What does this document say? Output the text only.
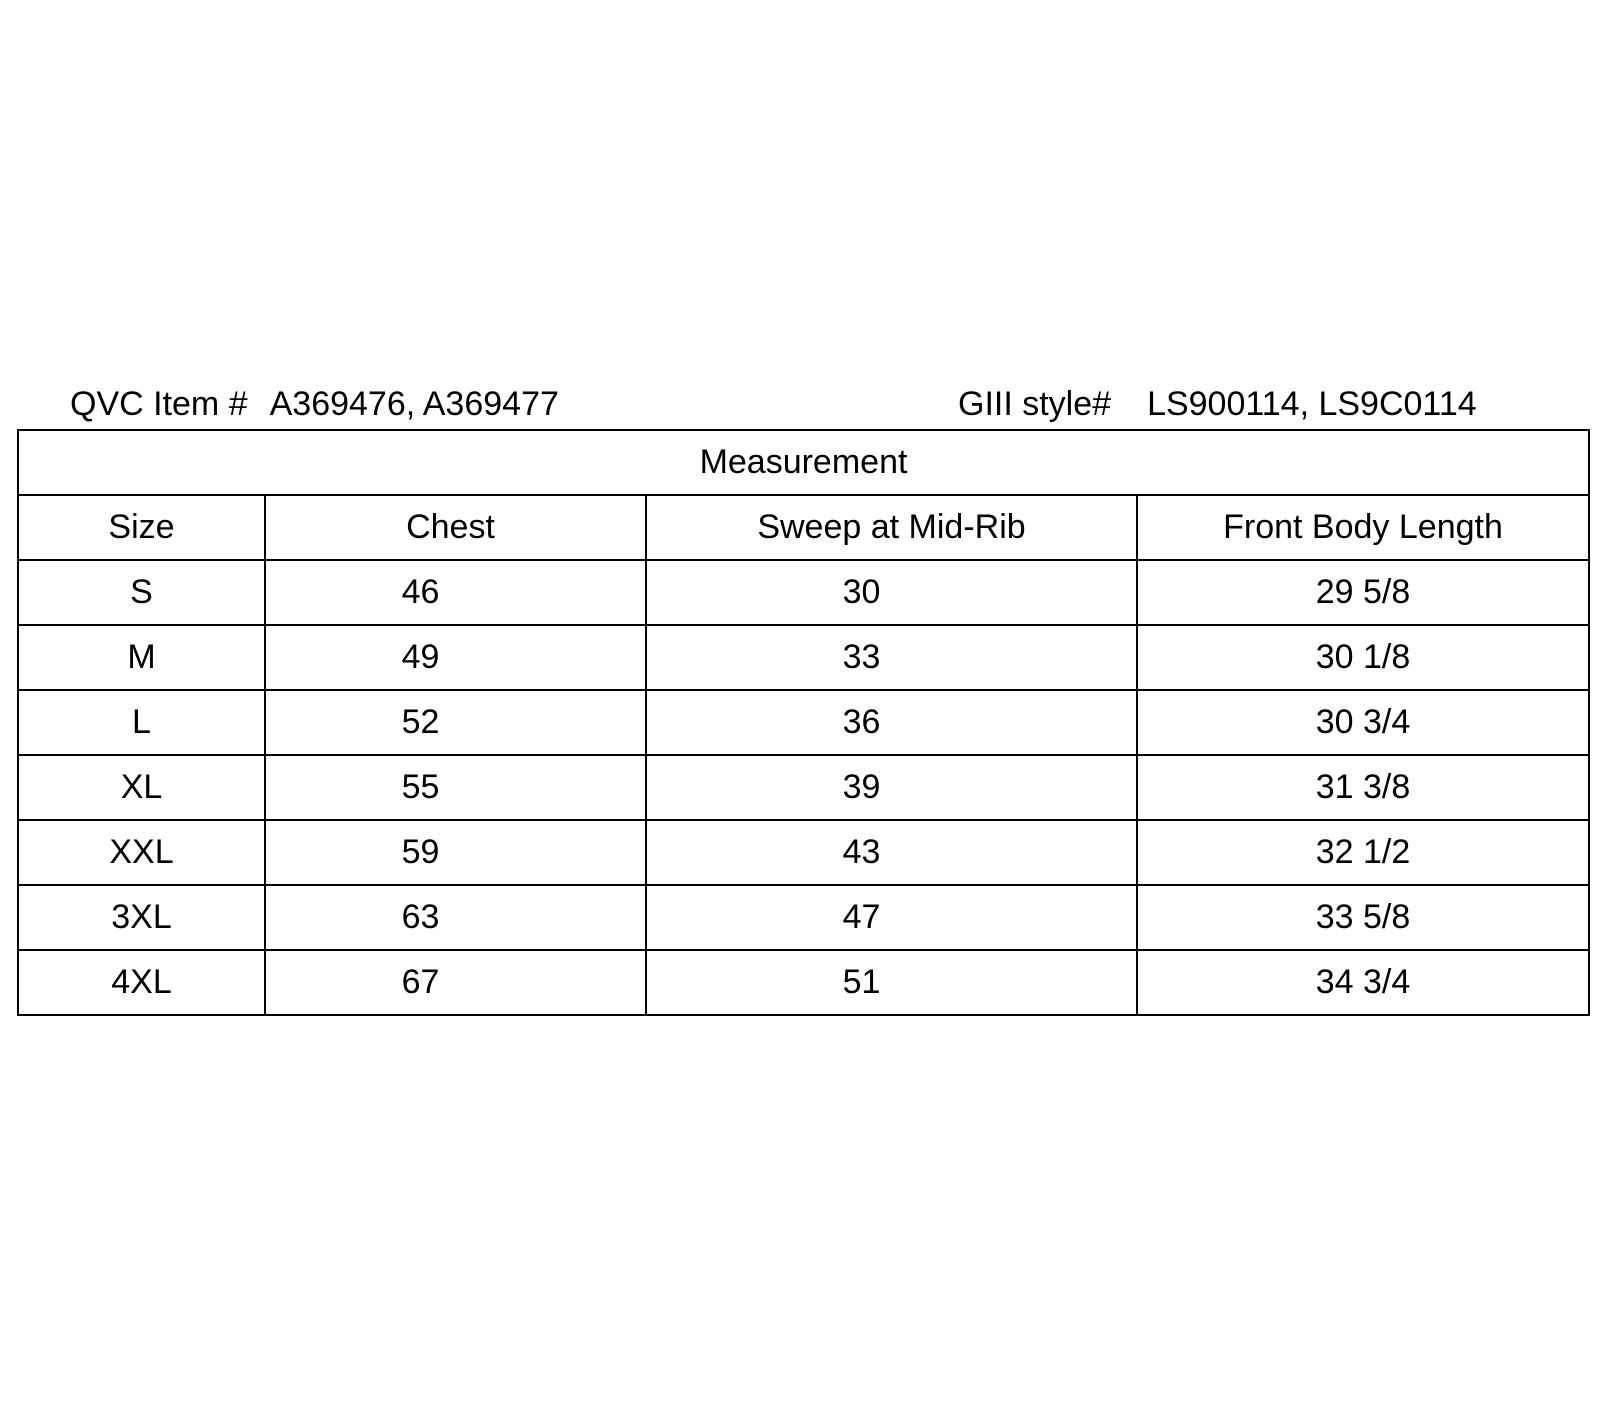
QVC Item # A369476, A369477	GIII style# LS900114, LS9C0114
Measurement			
Size	Chest	Sweep at Mid-Rib	Front Body Length
S	46	30	29 5/8
M	49	33	30 1/8
L	52	36	30 3/4
XL	55	39	31 3/8
XXL	59	43	32 1/2
3XL	63	47	33 5/8
4XL	67	51	34 3/4
